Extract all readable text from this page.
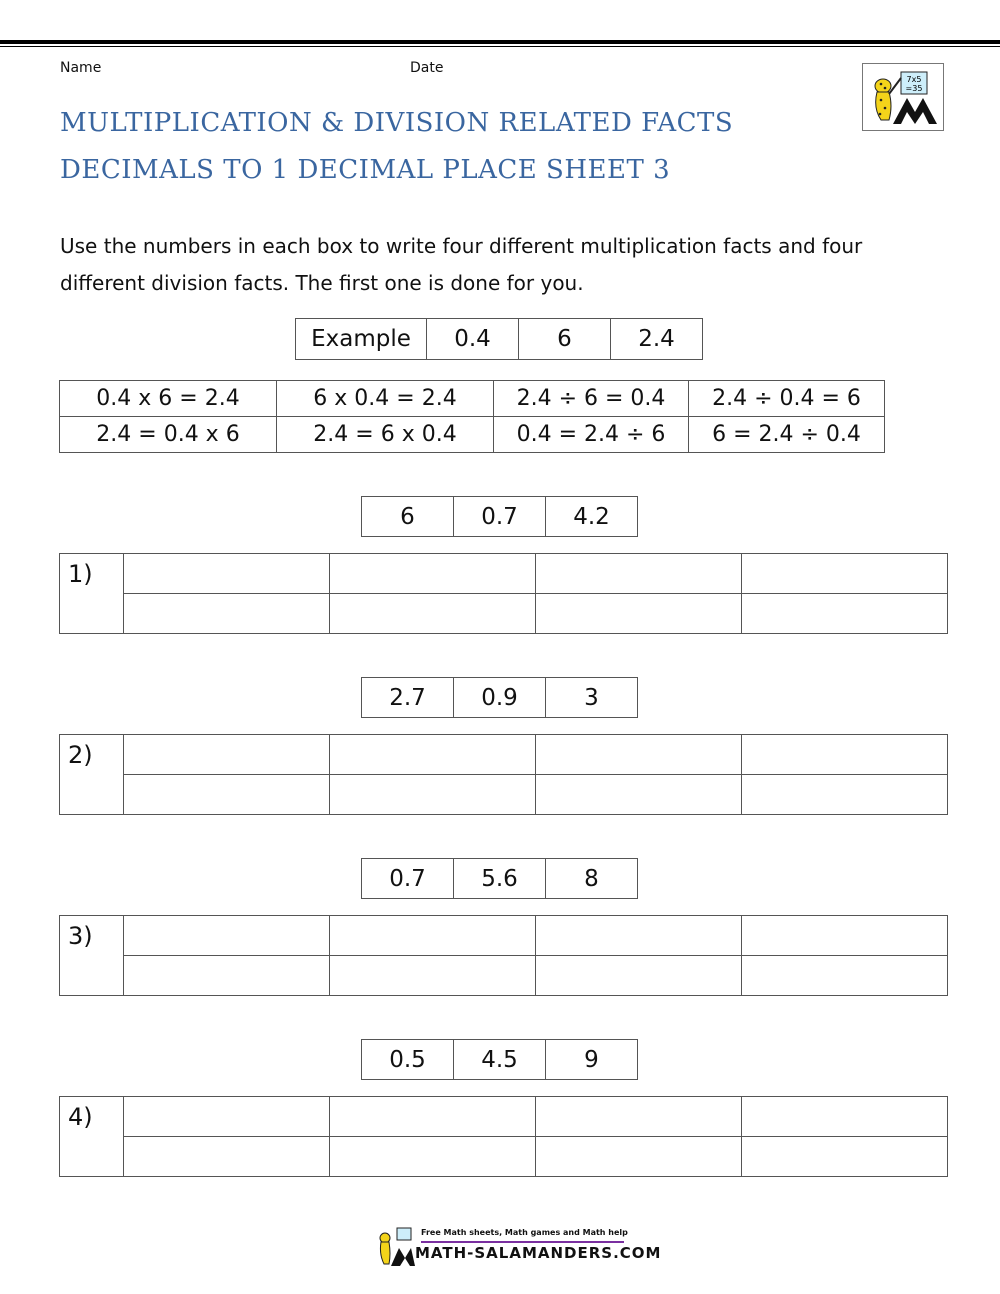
Name	Date
MULTIPLICATION & DIVISION RELATED FACTS
DECIMALS TO 1 DECIMAL PLACE SHEET 3
7x5
=35
Use the numbers in each box to write four different multiplication facts and four different division facts. The first one is done for you.
Example	0.4	6	2.4
0.4 x 6 = 2.4	6 x 0.4 = 2.4	2.4 ÷ 6 = 0.4	2.4 ÷ 0.4 = 6
2.4 = 0.4 x 6	2.4 = 6 x 0.4	0.4 = 2.4 ÷ 6	6 = 2.4 ÷ 0.4
6	0.7	4.2
1)				

2.7	0.9	3
2)				

0.7	5.6	8
3)				

0.5	4.5	9
4)				

Free Math sheets, Math games and Math help
MATH-SALAMANDERS.COM
